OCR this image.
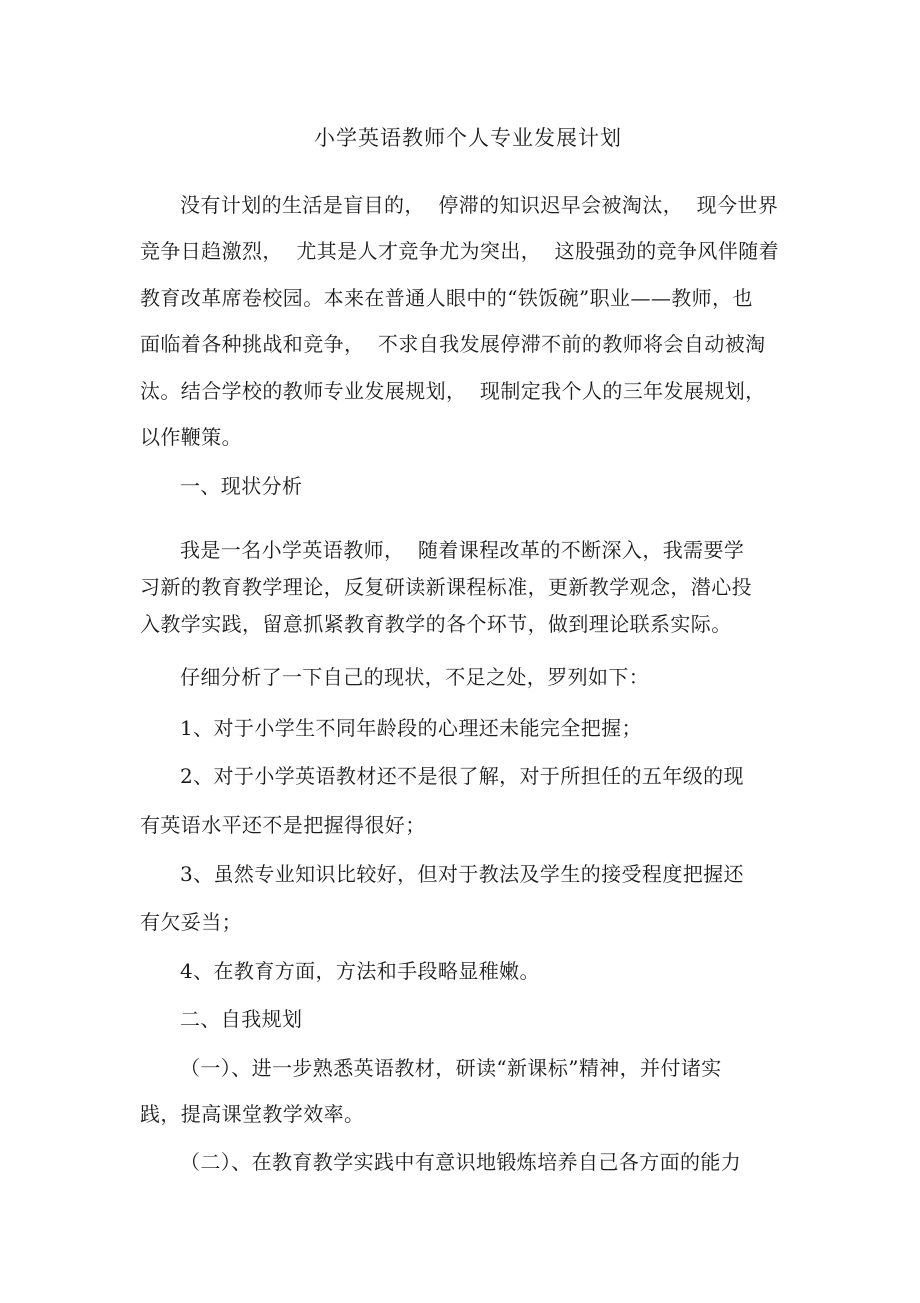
小学英语教师个人专业发展计划
没有计划的生活是盲目的，  停滞的知识迟早会被淘汰，  现今世界
竞争日趋激烈，  尤其是人才竞争尤为突出，  这股强劲的竞争风伴随着
教育改革席卷校园。本来在普通人眼中的“铁饭碗”职业——教师，也
面临着各种挑战和竞争，  不求自我发展停滞不前的教师将会自动被淘
汰。结合学校的教师专业发展规划，  现制定我个人的三年发展规划，
以作鞭策。
一、现状分析
我是一名小学英语教师，  随着课程改革的不断深入，我需要学
习新的教育教学理论，反复研读新课程标准，更新教学观念，潜心投
入教学实践，留意抓紧教育教学的各个环节，做到理论联系实际。
仔细分析了一下自己的现状，不足之处，罗列如下：
1、对于小学生不同年龄段的心理还未能完全把握；
2、对于小学英语教材还不是很了解，对于所担任的五年级的现
有英语水平还不是把握得很好；
3、虽然专业知识比较好，但对于教法及学生的接受程度把握还
有欠妥当；
4、在教育方面，方法和手段略显稚嫩。
二、自我规划
（一）、进一步熟悉英语教材，研读“新课标”精神，并付诸实
践，提高课堂教学效率。
（二）、在教育教学实践中有意识地锻炼培养自己各方面的能力
